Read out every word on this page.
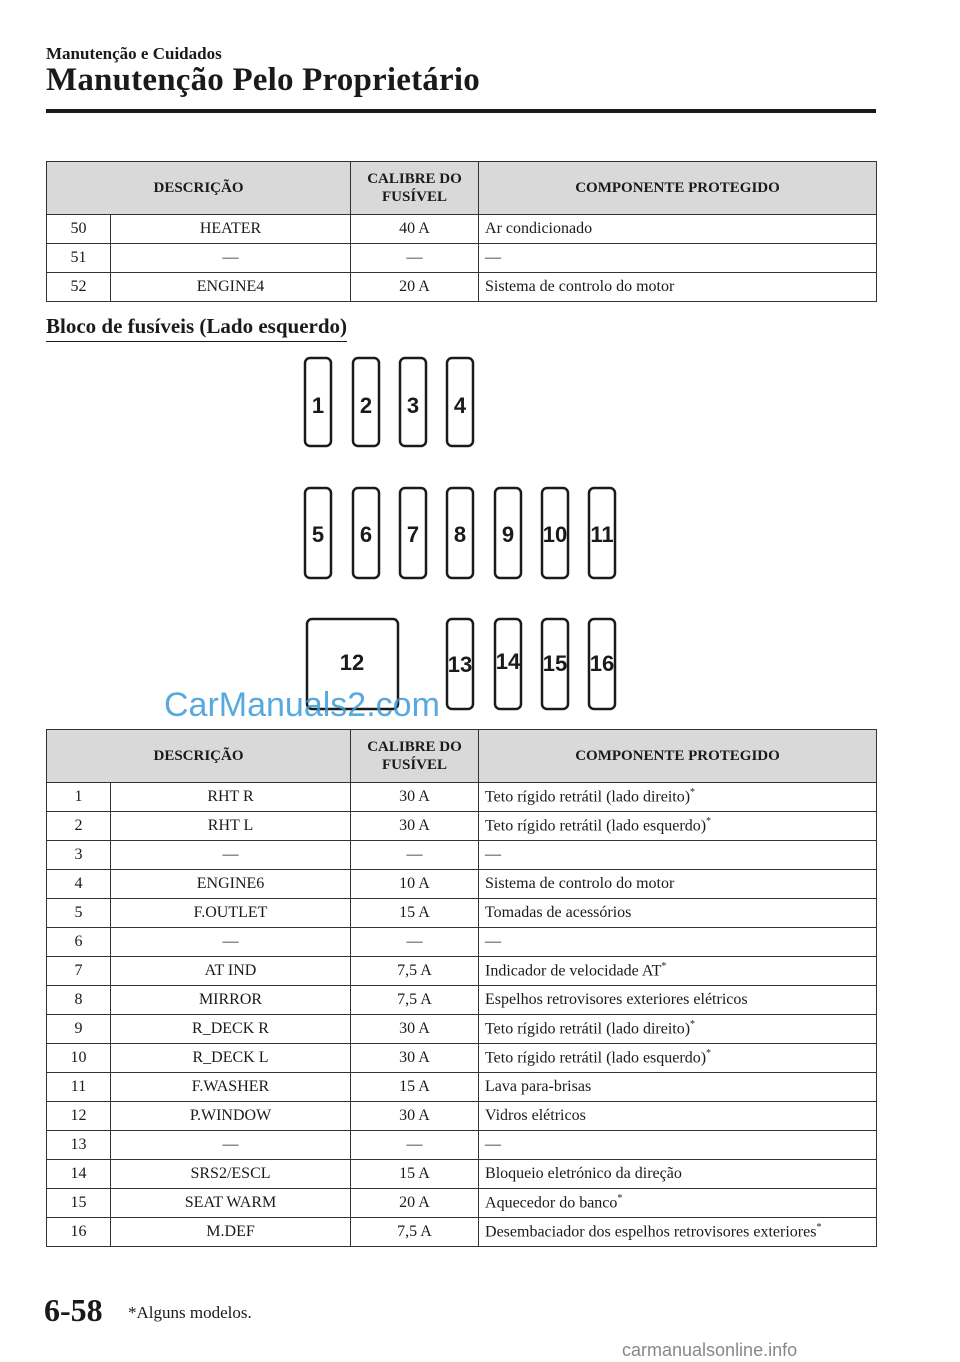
Manutenção e Cuidados
Manutenção Pelo Proprietário
DESCRIÇÃO		CALIBRE DO
FUSÍVEL	COMPONENTE PROTEGIDO
50	HEATER	40 A	Ar condicionado
51	—	—	—
52	ENGINE4	20 A	Sistema de controlo do motor
Bloco de fusíveis (Lado esquerdo)
1 2 3 4
5 6 7 8 9 10 11
12	13 14 15 16
CarManuals2.com
DESCRIÇÃO		CALIBRE DO
FUSÍVEL	COMPONENTE PROTEGIDO
1	RHT R	30 A	Teto rígido retrátil (lado direito)*
2	RHT L	30 A	Teto rígido retrátil (lado esquerdo)*
3	—	—	—
4	ENGINE6	10 A	Sistema de controlo do motor
5	F.OUTLET	15 A	Tomadas de acessórios
6	—	—	—
7	AT IND	7,5 A	Indicador de velocidade AT*
8	MIRROR	7,5 A	Espelhos retrovisores exteriores elétricos
9	R_DECK R	30 A	Teto rígido retrátil (lado direito)*
10	R_DECK L	30 A	Teto rígido retrátil (lado esquerdo)*
11	F.WASHER	15 A	Lava para-brisas
12	P.WINDOW	30 A	Vidros elétricos
13	—	—	—
14	SRS2/ESCL	15 A	Bloqueio eletrónico da direção
15	SEAT WARM	20 A	Aquecedor do banco*
16	M.DEF	7,5 A	Desembaciador dos espelhos retrovisores exteriores*
6-58 *Alguns modelos.
carmanualsonline.info
